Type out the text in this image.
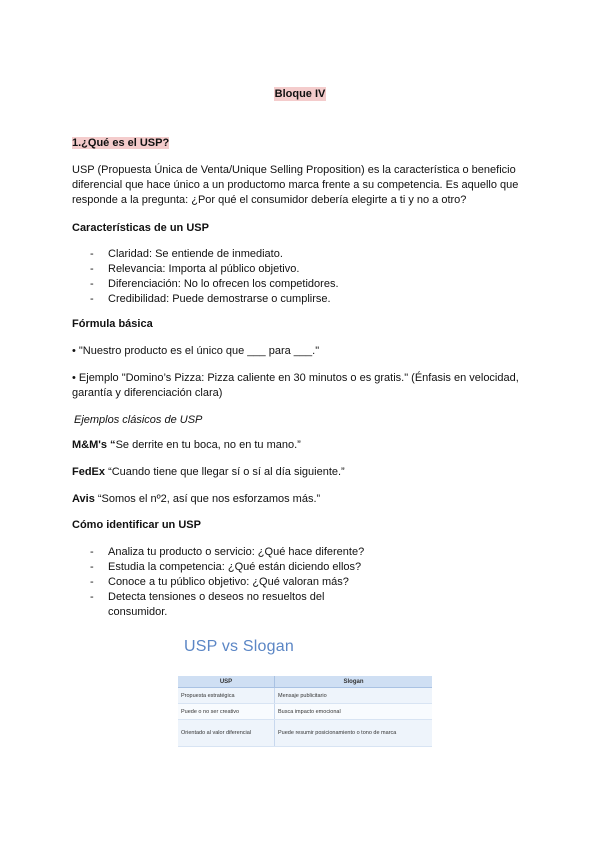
Bloque IV
1.¿Qué es el USP?
USP (Propuesta Única de Venta/Unique Selling Proposition) es la característica o beneficio diferencial que hace único a un productomo marca frente a su competencia. Es aquello que responde a la pregunta: ¿Por qué el consumidor debería elegirte a ti y no a otro?
Características de un USP
- Claridad: Se entiende de inmediato.
- Relevancia: Importa al público objetivo.
- Diferenciación: No lo ofrecen los competidores.
- Credibilidad: Puede demostrarse o cumplirse.
Fórmula básica
• "Nuestro producto es el único que ___ para ___."
• Ejemplo "Domino’s Pizza: Pizza caliente en 30 minutos o es gratis." (Énfasis en velocidad, garantía y diferenciación clara)
Ejemplos clásicos de USP
M&M's “Se derrite en tu boca, no en tu mano.”
FedEx “Cuando tiene que llegar sí o sí al día siguiente.”
Avis “Somos el nº2, así que nos esforzamos más.”
Cómo identificar un USP
- Analiza tu producto o servicio: ¿Qué hace diferente?
- Estudia la competencia: ¿Qué están diciendo ellos?
- Conoce a tu público objetivo: ¿Qué valoran más?
- Detecta tensiones o deseos no resueltos del consumidor.
USP vs Slogan
USP	Slogan
Propuesta estratégica	Mensaje publicitario
Puede o no ser creativo	Busca impacto emocional
Orientado al valor diferencial	Puede resumir posicionamiento o tono de marca
